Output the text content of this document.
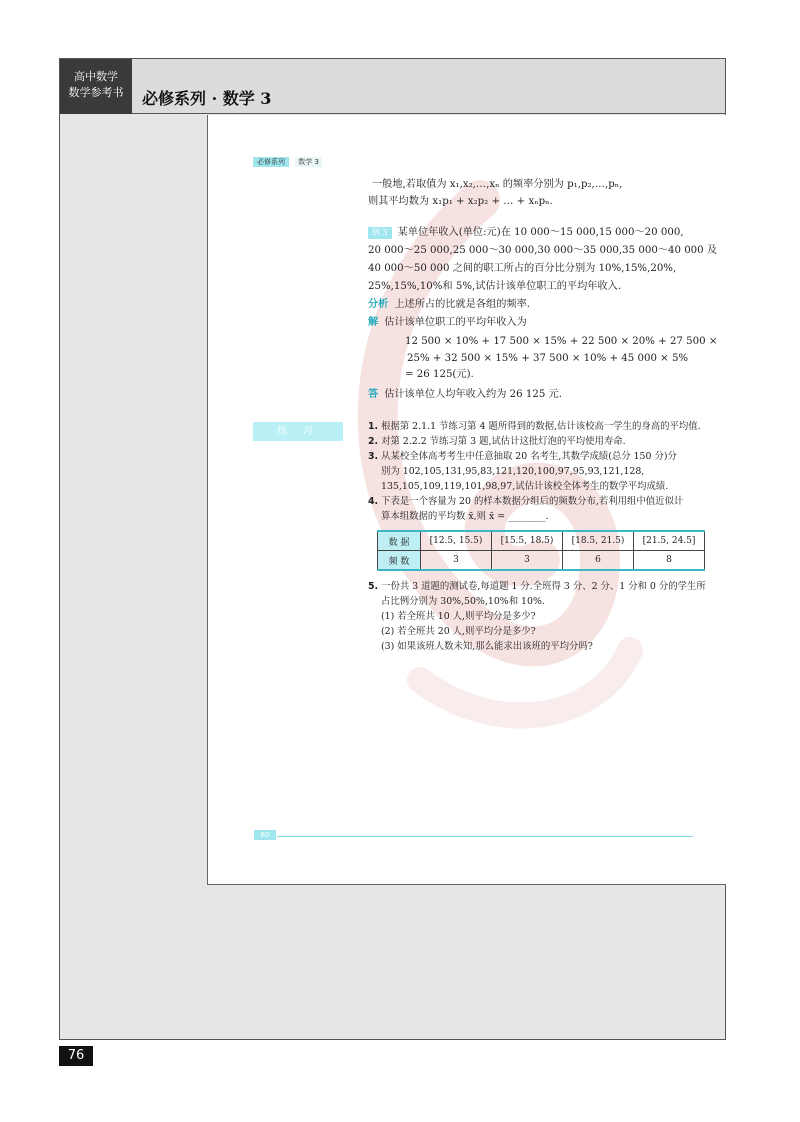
高中数学
数学参考书	必修系列 · 数学 3
必修系列 数学 3
一般地,若取值为 x₁,x₂,…,xₙ 的频率分别为 p₁,p₂,…,pₙ,
则其平均数为 x₁p₁ + x₂p₂ + … + xₙpₙ.
例 3 某单位年收入(单位:元)在 10 000～15 000,15 000～20 000,
20 000～25 000,25 000～30 000,30 000～35 000,35 000～40 000 及
40 000～50 000 之间的职工所占的百分比分别为 10%,15%,20%,
25%,15%,10%和 5%,试估计该单位职工的平均年收入.
分析 上述所占的比就是各组的频率.
解 估计该单位职工的平均年收入为
12 500 × 10% + 17 500 × 15% + 22 500 × 20% + 27 500 ×
25% + 32 500 × 15% + 37 500 × 10% + 45 000 × 5%
= 26 125(元).
答 估计该单位人均年收入约为 26 125 元.
练 习	1. 根据第 2.1.1 节练习第 4 题所得到的数据,估计该校高一学生的身高的平均值.
2. 对第 2.2.2 节练习第 3 题,试估计这批灯泡的平均使用寿命.
3. 从某校全体高考考生中任意抽取 20 名考生,其数学成绩(总分 150 分)分
别为 102,105,131,95,83,121,120,100,97,95,93,121,128,
135,105,109,119,101,98,97,试估计该校全体考生的数学平均成绩.
4. 下表是一个容量为 20 的样本数据分组后的频数分布,若利用组中值近似计
算本组数据的平均数 x̄,则 x̄ = ________.
数 据	[12.5, 15.5)	[15.5, 18.5)	[18.5, 21.5)	[21.5, 24.5]
频 数	3	3	6	8
5. 一份共 3 道题的测试卷,每道题 1 分.全班得 3 分、2 分、1 分和 0 分的学生所
占比例分别为 30%,50%,10%和 10%.
(1) 若全班共 10 人,则平均分是多少?
(2) 若全班共 20 人,则平均分是多少?
(3) 如果该班人数未知,那么能求出该班的平均分吗?
60
76
